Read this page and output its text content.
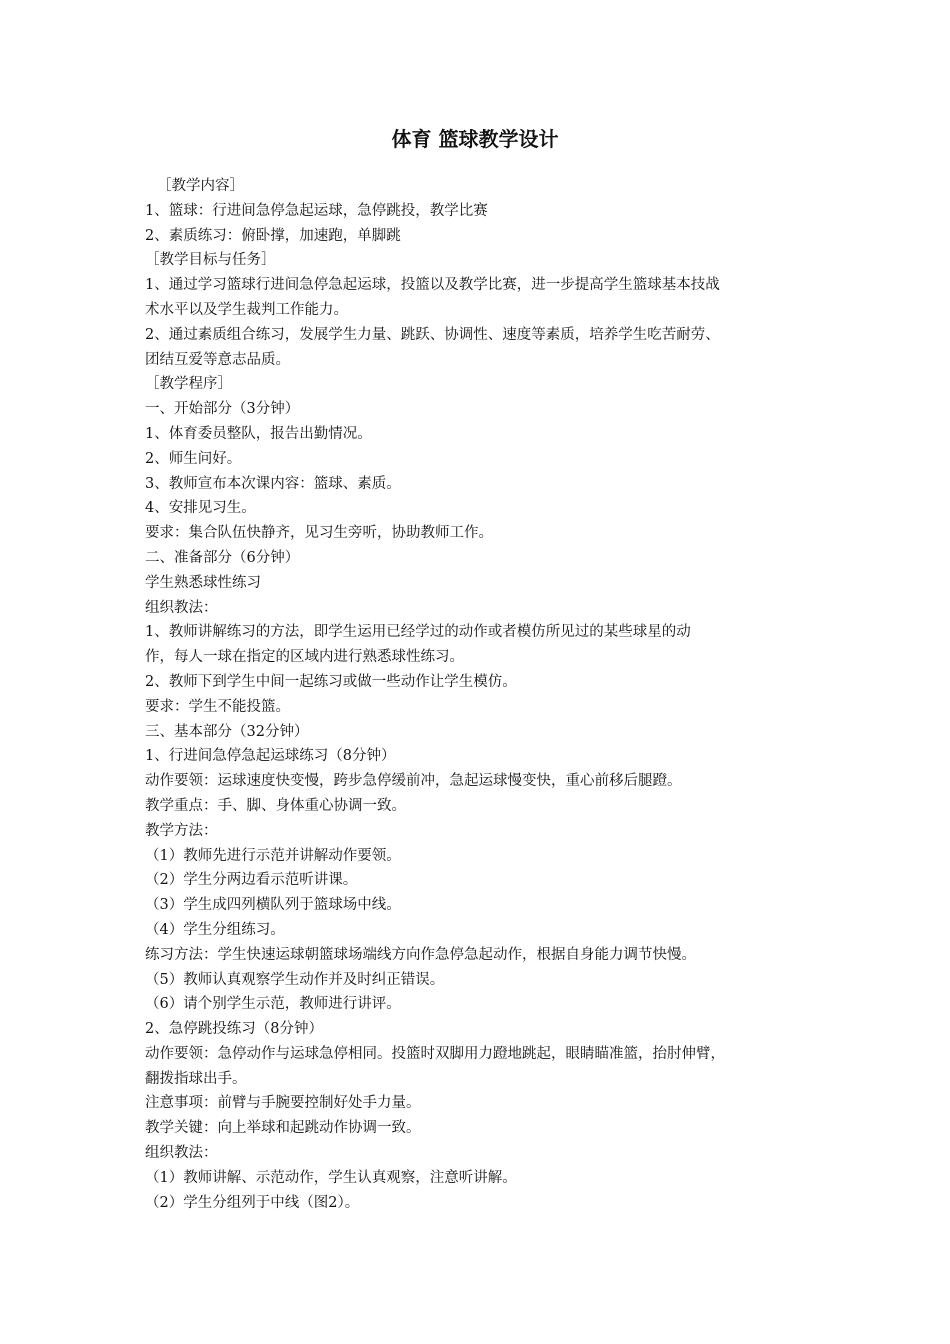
体育 篮球教学设计

［教学内容］

1、篮球：行进间急停急起运球，急停跳投，教学比赛

2、素质练习：俯卧撑，加速跑，单脚跳

［教学目标与任务］

1、通过学习篮球行进间急停急起运球，投篮以及教学比赛，进一步提高学生篮球基本技战

术水平以及学生裁判工作能力。

2、通过素质组合练习，发展学生力量、跳跃、协调性、速度等素质，培养学生吃苦耐劳、

团结互爱等意志品质。

［教学程序］

一、开始部分（3分钟）

1、体育委员整队，报告出勤情况。

2、师生问好。

3、教师宣布本次课内容：篮球、素质。

4、安排见习生。

要求：集合队伍快静齐，见习生旁听，协助教师工作。

二、准备部分（6分钟）

学生熟悉球性练习

组织教法：

1、教师讲解练习的方法，即学生运用已经学过的动作或者模仿所见过的某些球星的动

作，每人一球在指定的区域内进行熟悉球性练习。

2、教师下到学生中间一起练习或做一些动作让学生模仿。

要求：学生不能投篮。

三、基本部分（32分钟）

1、行进间急停急起运球练习（8分钟）

动作要领：运球速度快变慢，跨步急停缓前冲，急起运球慢变快，重心前移后腿蹬。

教学重点：手、脚、身体重心协调一致。

教学方法：

（1）教师先进行示范并讲解动作要领。

（2）学生分两边看示范听讲课。

（3）学生成四列横队列于篮球场中线。

（4）学生分组练习。

练习方法：学生快速运球朝篮球场端线方向作急停急起动作，根据自身能力调节快慢。

（5）教师认真观察学生动作并及时纠正错误。

（6）请个别学生示范，教师进行讲评。

2、急停跳投练习（8分钟）

动作要领：急停动作与运球急停相同。投篮时双脚用力蹬地跳起，眼睛瞄准篮，抬肘伸臂，

翻拨指球出手。

注意事项：前臂与手腕要控制好处手力量。

教学关键：向上举球和起跳动作协调一致。

组织教法：

（1）教师讲解、示范动作，学生认真观察，注意听讲解。

（2）学生分组列于中线（图2）。
